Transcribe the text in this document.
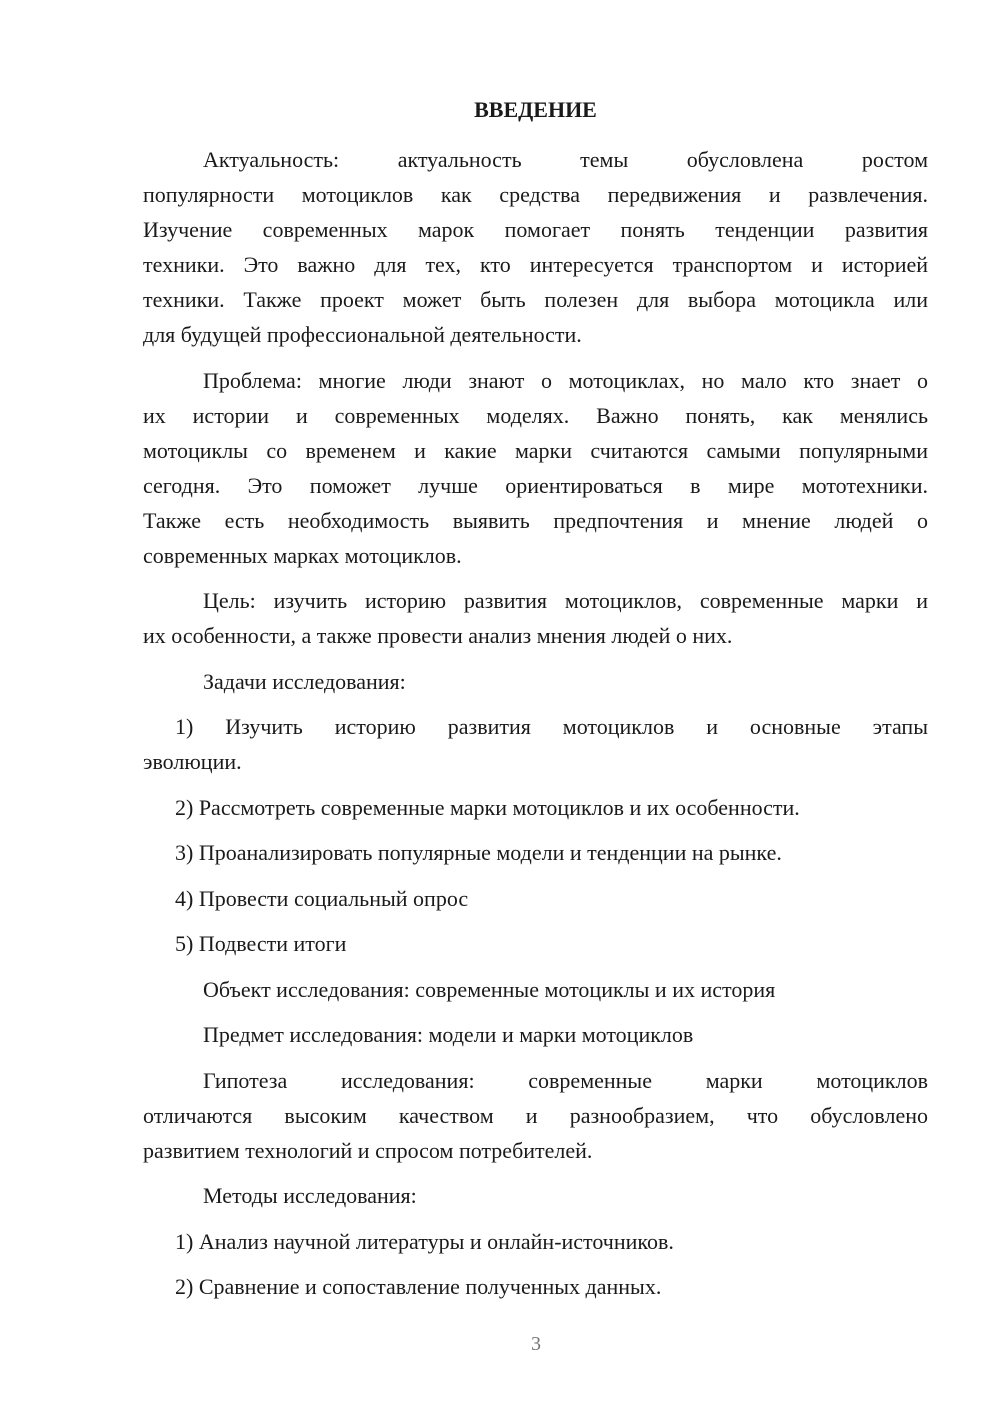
ВВЕДЕНИЕ
Актуальность: актуальность темы обусловлена ростом
популярности мотоциклов как средства передвижения и развлечения.
Изучение современных марок помогает понять тенденции развития
техники. Это важно для тех, кто интересуется транспортом и историей
техники. Также проект может быть полезен для выбора мотоцикла или
для будущей профессиональной деятельности.
Проблема: многие люди знают о мотоциклах, но мало кто знает о
их истории и современных моделях. Важно понять, как менялись
мотоциклы со временем и какие марки считаются самыми популярными
сегодня. Это поможет лучше ориентироваться в мире мототехники.
Также есть необходимость выявить предпочтения и мнение людей о
современных марках мотоциклов.
Цель: изучить историю развития мотоциклов, современные марки и
их особенности, а также провести анализ мнения людей о них.
Задачи исследования:
1) Изучить историю развития мотоциклов и основные этапы
эволюции.
2) Рассмотреть современные марки мотоциклов и их особенности.
3) Проанализировать популярные модели и тенденции на рынке.
4) Провести социальный опрос
5) Подвести итоги
Объект исследования: современные мотоциклы и их история
Предмет исследования: модели и марки мотоциклов
Гипотеза исследования: современные марки мотоциклов
отличаются высоким качеством и разнообразием, что обусловлено
развитием технологий и спросом потребителей.
Методы исследования:
1) Анализ научной литературы и онлайн-источников.
2) Сравнение и сопоставление полученных данных.
3
